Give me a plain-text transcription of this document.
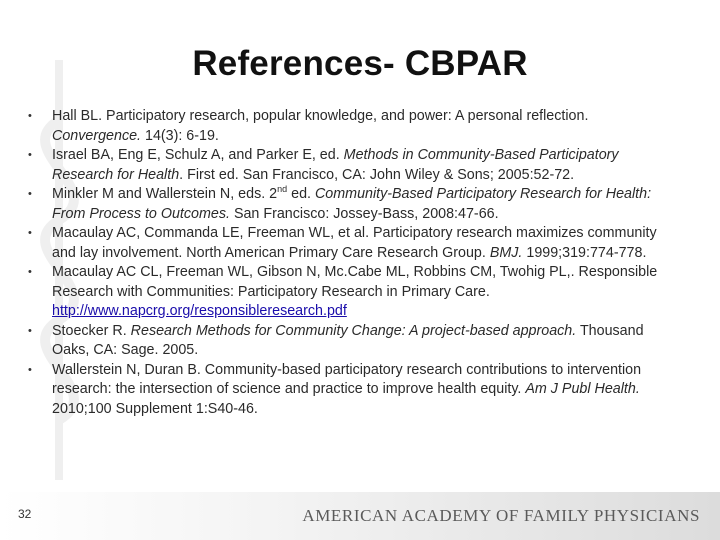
References- CBPAR
•	Hall BL. Participatory research, popular knowledge, and power: A personal reflection. Convergence. 14(3): 6-19.
•	Israel BA, Eng E, Schulz A, and Parker E, ed. Methods in Community-Based Participatory Research for Health. First ed. San Francisco, CA: John Wiley & Sons; 2005:52-72.
•	Minkler M and Wallerstein N, eds. 2nd ed. Community-Based Participatory Research for Health: From Process to Outcomes. San Francisco: Jossey-Bass, 2008:47-66.
•	Macaulay AC, Commanda LE, Freeman WL, et al. Participatory research maximizes community and lay involvement. North American Primary Care Research Group. BMJ. 1999;319:774-778.
•	Macaulay AC CL, Freeman WL, Gibson N, Mc.Cabe ML, Robbins CM, Twohig PL,. Responsible Research with Communities: Participatory Research in Primary Care. http://www.napcrg.org/responsibleresearch.pdf
•	Stoecker R. Research Methods for Community Change: A project-based approach. Thousand Oaks, CA: Sage. 2005.
•	Wallerstein N, Duran B. Community-based participatory research contributions to intervention research: the intersection of science and practice to improve health equity. Am J Publ Health. 2010;100 Supplement 1:S40-46.
32	AMERICAN ACADEMY OF FAMILY PHYSICIANS
